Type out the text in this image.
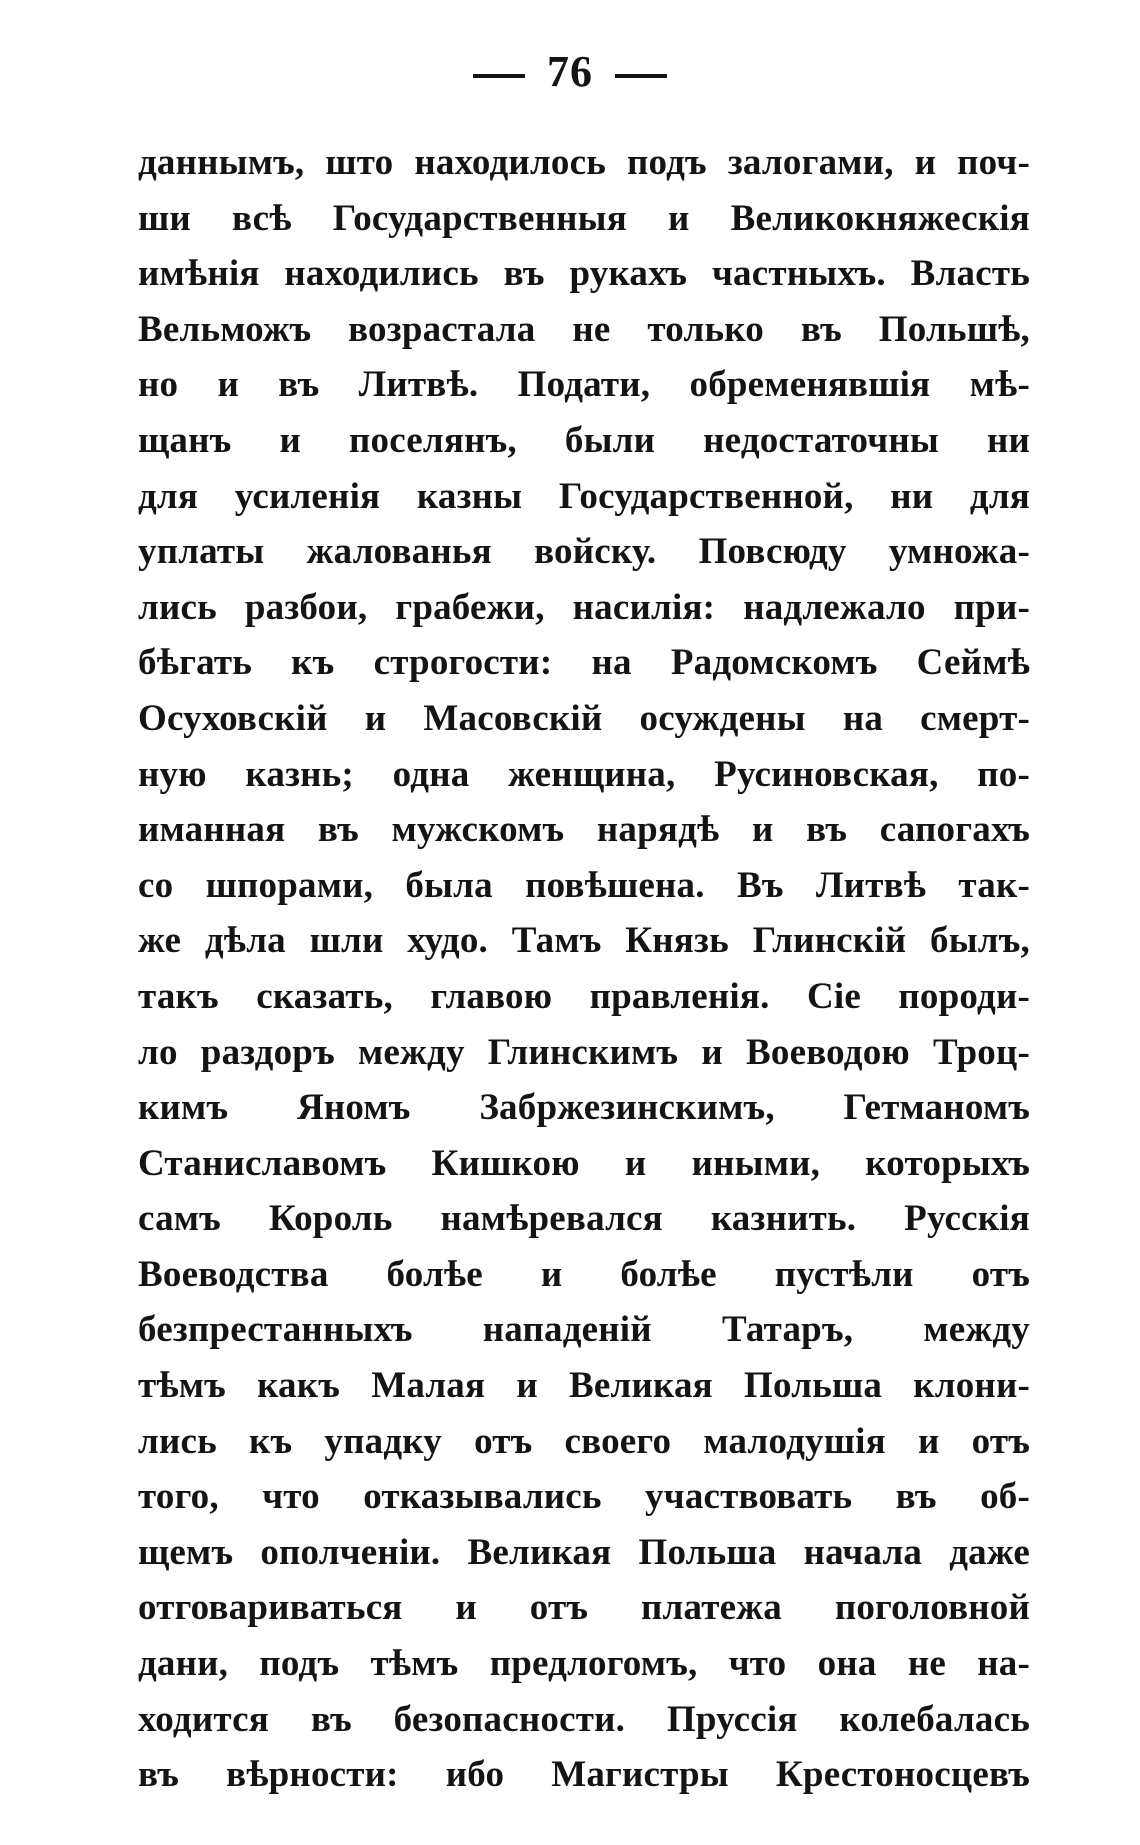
76
даннымъ, што находилось подъ залогами, и поч-
ши всѣ Государственныя и Великокняжескія
имѣнія находились въ рукахъ частныхъ. Власть
Вельможъ возрастала не только въ Польшѣ,
но и въ Литвѣ. Подати, обременявшія мѣ-
щанъ и поселянъ, были недостаточны ни
для усиленія казны Государственной, ни для
уплаты жалованья войску. Повсюду умножа-
лись разбои, грабежи, насилія: надлежало при-
бѣгать къ строгости: на Радомскомъ Сеймѣ
Осуховскій и Масовскій осуждены на смерт-
ную казнь; одна женщина, Русиновская, по-
иманная въ мужскомъ нарядѣ и въ сапогахъ
со шпорами, была повѣшена. Въ Литвѣ так-
же дѣла шли худо. Тамъ Князь Глинскій былъ,
такъ сказать, главою правленія. Сіе породи-
ло раздоръ между Глинскимъ и Воеводою Троц-
кимъ Яномъ Забржезинскимъ, Гетманомъ
Станиславомъ Кишкою и иными, которыхъ
самъ Король намѣревался казнить. Русскія
Воеводства болѣе и болѣе пустѣли отъ
безпрестанныхъ нападеній Татаръ, между
тѣмъ какъ Малая и Великая Польша клони-
лись къ упадку отъ своего малодушія и отъ
того, что отказывались участвовать въ об-
щемъ ополченіи. Великая Польша начала даже
отговариваться и отъ платежа поголовной
дани, подъ тѣмъ предлогомъ, что она не на-
ходится въ безопасности. Пруссія колебалась
въ вѣрности: ибо Магистры Крестоносцевъ
